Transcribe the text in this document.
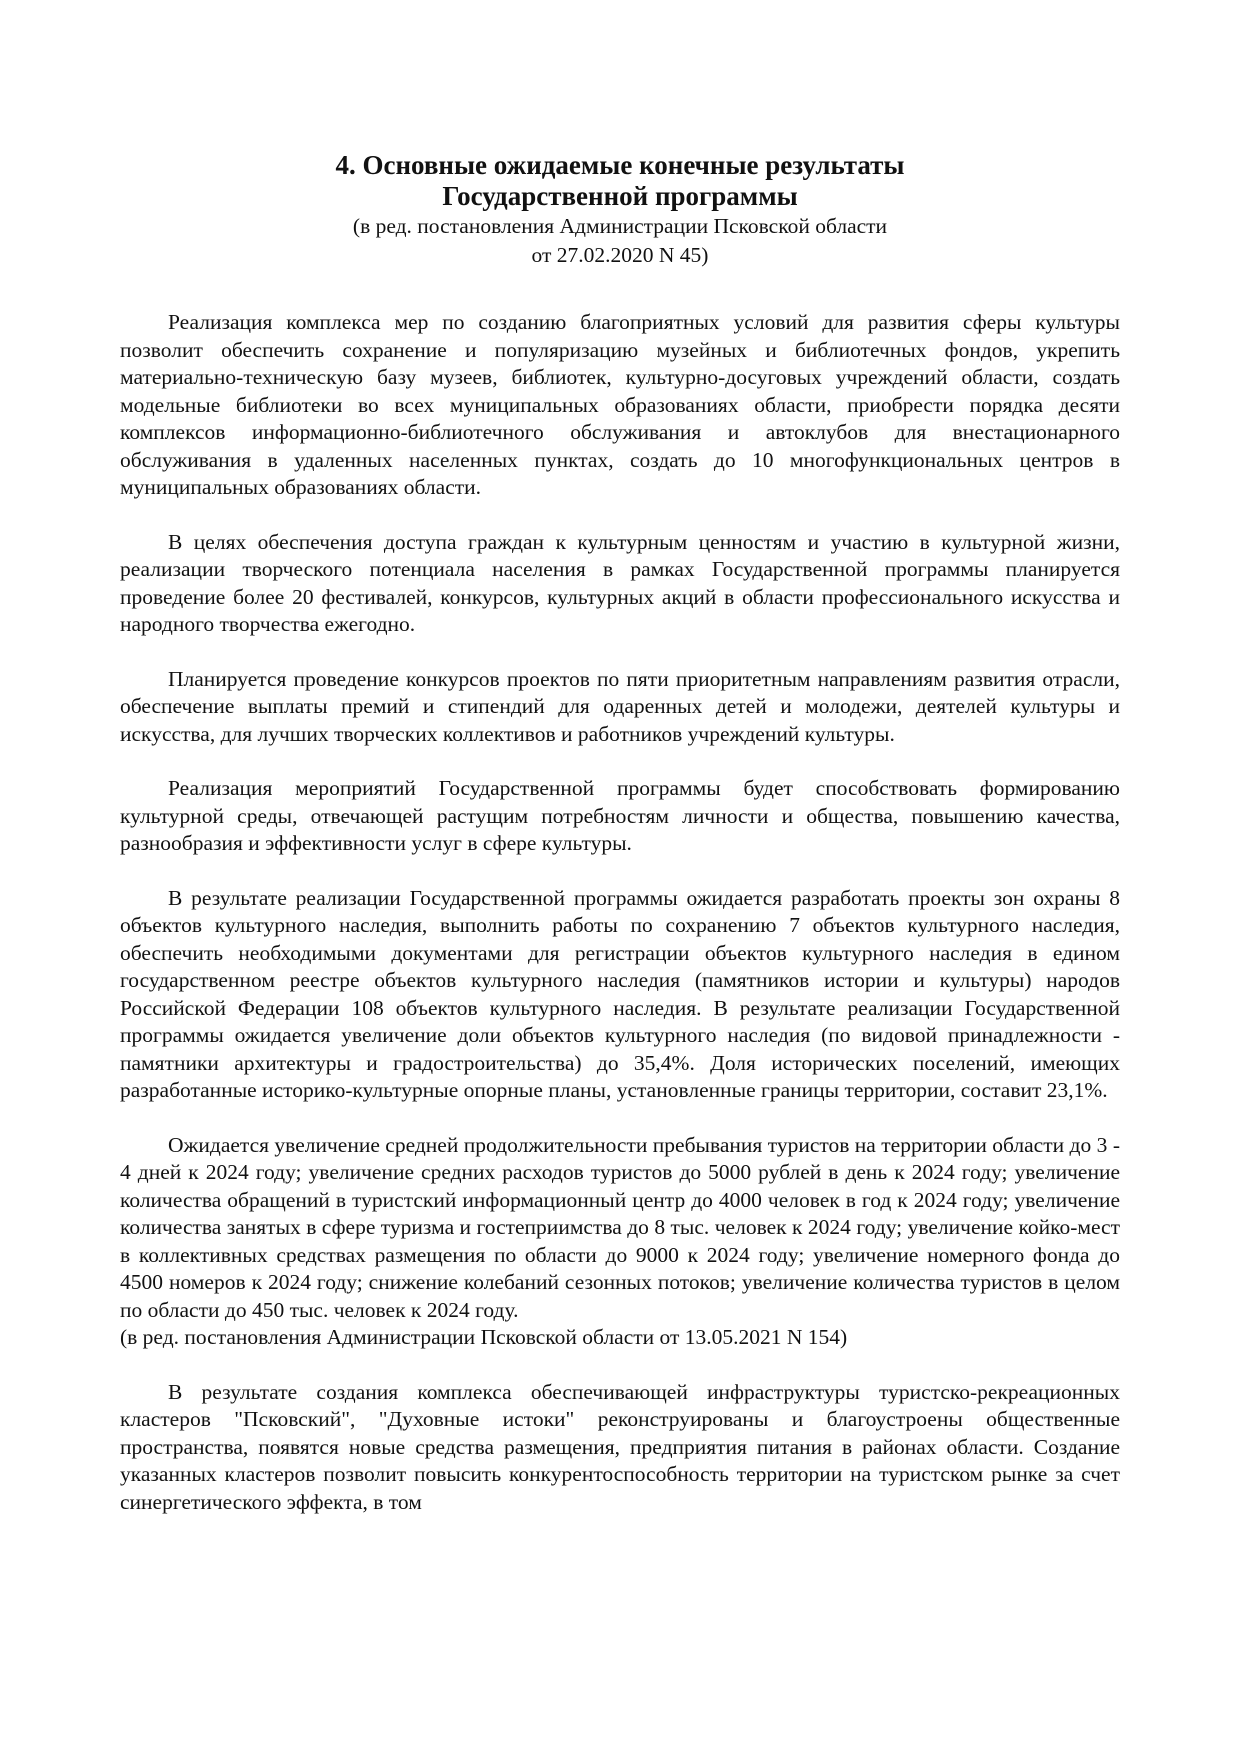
4. Основные ожидаемые конечные результаты
Государственной программы
(в ред. постановления Администрации Псковской области
от 27.02.2020 N 45)

Реализация комплекса мер по созданию благоприятных условий для развития сферы культуры позволит обеспечить сохранение и популяризацию музейных и библиотечных фондов, укрепить материально-техническую базу музеев, библиотек, культурно-досуговых учреждений области, создать модельные библиотеки во всех муниципальных образованиях области, приобрести порядка десяти комплексов информационно-библиотечного обслуживания и автоклубов для внестационарного обслуживания в удаленных населенных пунктах, создать до 10 многофункциональных центров в муниципальных образованиях области.

В целях обеспечения доступа граждан к культурным ценностям и участию в культурной жизни, реализации творческого потенциала населения в рамках Государственной программы планируется проведение более 20 фестивалей, конкурсов, культурных акций в области профессионального искусства и народного творчества ежегодно.

Планируется проведение конкурсов проектов по пяти приоритетным направлениям развития отрасли, обеспечение выплаты премий и стипендий для одаренных детей и молодежи, деятелей культуры и искусства, для лучших творческих коллективов и работников учреждений культуры.

Реализация мероприятий Государственной программы будет способствовать формированию культурной среды, отвечающей растущим потребностям личности и общества, повышению качества, разнообразия и эффективности услуг в сфере культуры.

В результате реализации Государственной программы ожидается разработать проекты зон охраны 8 объектов культурного наследия, выполнить работы по сохранению 7 объектов культурного наследия, обеспечить необходимыми документами для регистрации объектов культурного наследия в едином государственном реестре объектов культурного наследия (памятников истории и культуры) народов Российской Федерации 108 объектов культурного наследия. В результате реализации Государственной программы ожидается увеличение доли объектов культурного наследия (по видовой принадлежности - памятники архитектуры и градостроительства) до 35,4%. Доля исторических поселений, имеющих разработанные историко-культурные опорные планы, установленные границы территории, составит 23,1%.

Ожидается увеличение средней продолжительности пребывания туристов на территории области до 3 - 4 дней к 2024 году; увеличение средних расходов туристов до 5000 рублей в день к 2024 году; увеличение количества обращений в туристский информационный центр до 4000 человек в год к 2024 году; увеличение количества занятых в сфере туризма и гостеприимства до 8 тыс. человек к 2024 году; увеличение койко-мест в коллективных средствах размещения по области до 9000 к 2024 году; увеличение номерного фонда до 4500 номеров к 2024 году; снижение колебаний сезонных потоков; увеличение количества туристов в целом по области до 450 тыс. человек к 2024 году.

(в ред. постановления Администрации Псковской области от 13.05.2021 N 154)

В результате создания комплекса обеспечивающей инфраструктуры туристско-рекреационных кластеров "Псковский", "Духовные истоки" реконструированы и благоустроены общественные пространства, появятся новые средства размещения, предприятия питания в районах области. Создание указанных кластеров позволит повысить конкурентоспособность территории на туристском рынке за счет синергетического эффекта, в том
